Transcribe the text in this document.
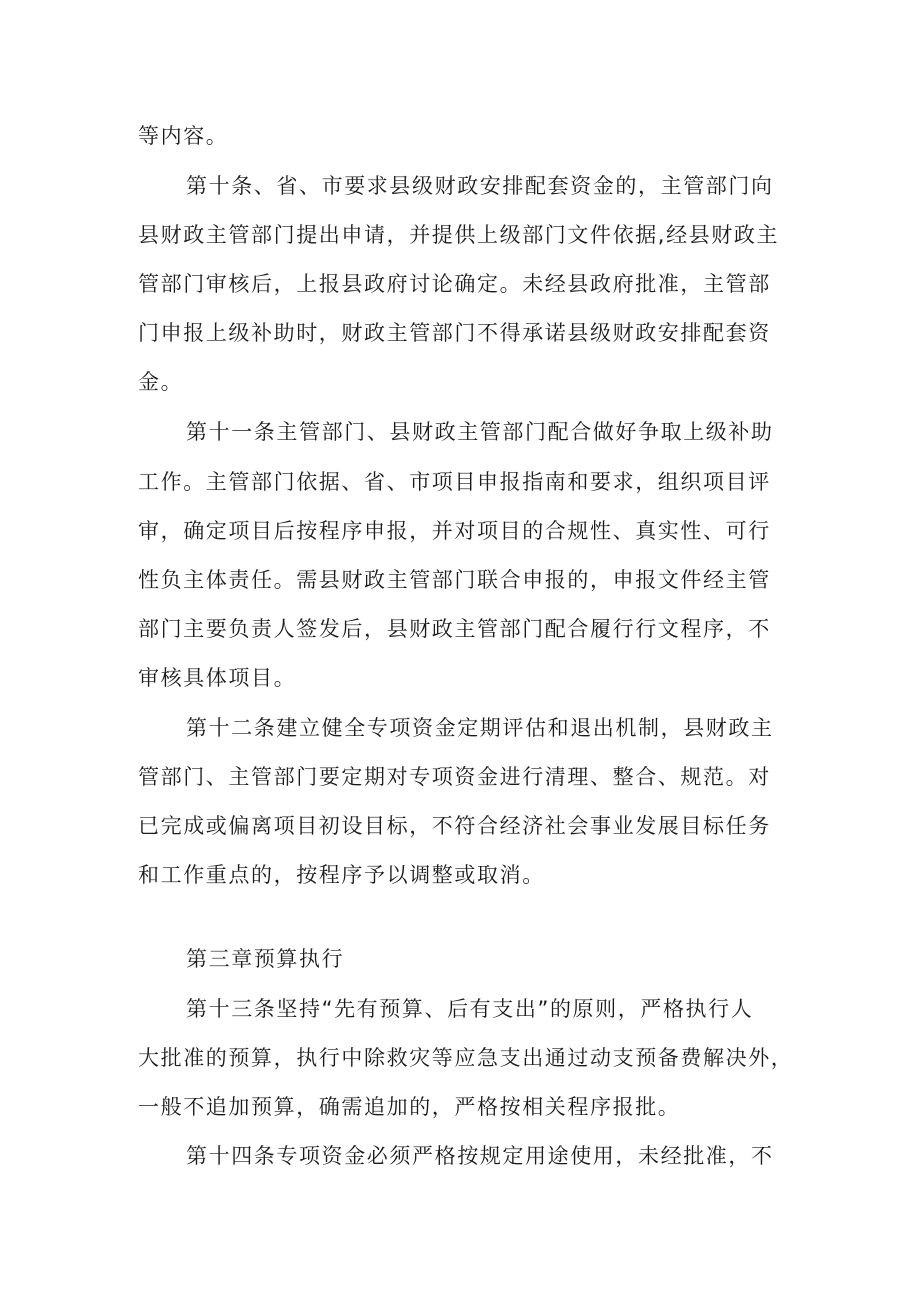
等内容。
第十条、省、市要求县级财政安排配套资金的，主管部门向
县财政主管部门提出申请，并提供上级部门文件依据,经县财政主
管部门审核后，上报县政府讨论确定。未经县政府批准，主管部
门申报上级补助时，财政主管部门不得承诺县级财政安排配套资
金。
第十一条主管部门、县财政主管部门配合做好争取上级补助
工作。主管部门依据、省、市项目申报指南和要求，组织项目评
审，确定项目后按程序申报，并对项目的合规性、真实性、可行
性负主体责任。需县财政主管部门联合申报的，申报文件经主管
部门主要负责人签发后，县财政主管部门配合履行行文程序，不
审核具体项目。
第十二条建立健全专项资金定期评估和退出机制，县财政主
管部门、主管部门要定期对专项资金进行清理、整合、规范。对
已完成或偏离项目初设目标，不符合经济社会事业发展目标任务
和工作重点的，按程序予以调整或取消。
第三章预算执行
第十三条坚持“先有预算、后有支出”的原则，严格执行人
大批准的预算，执行中除救灾等应急支出通过动支预备费解决外，
一般不追加预算，确需追加的，严格按相关程序报批。
第十四条专项资金必须严格按规定用途使用，未经批准，不
